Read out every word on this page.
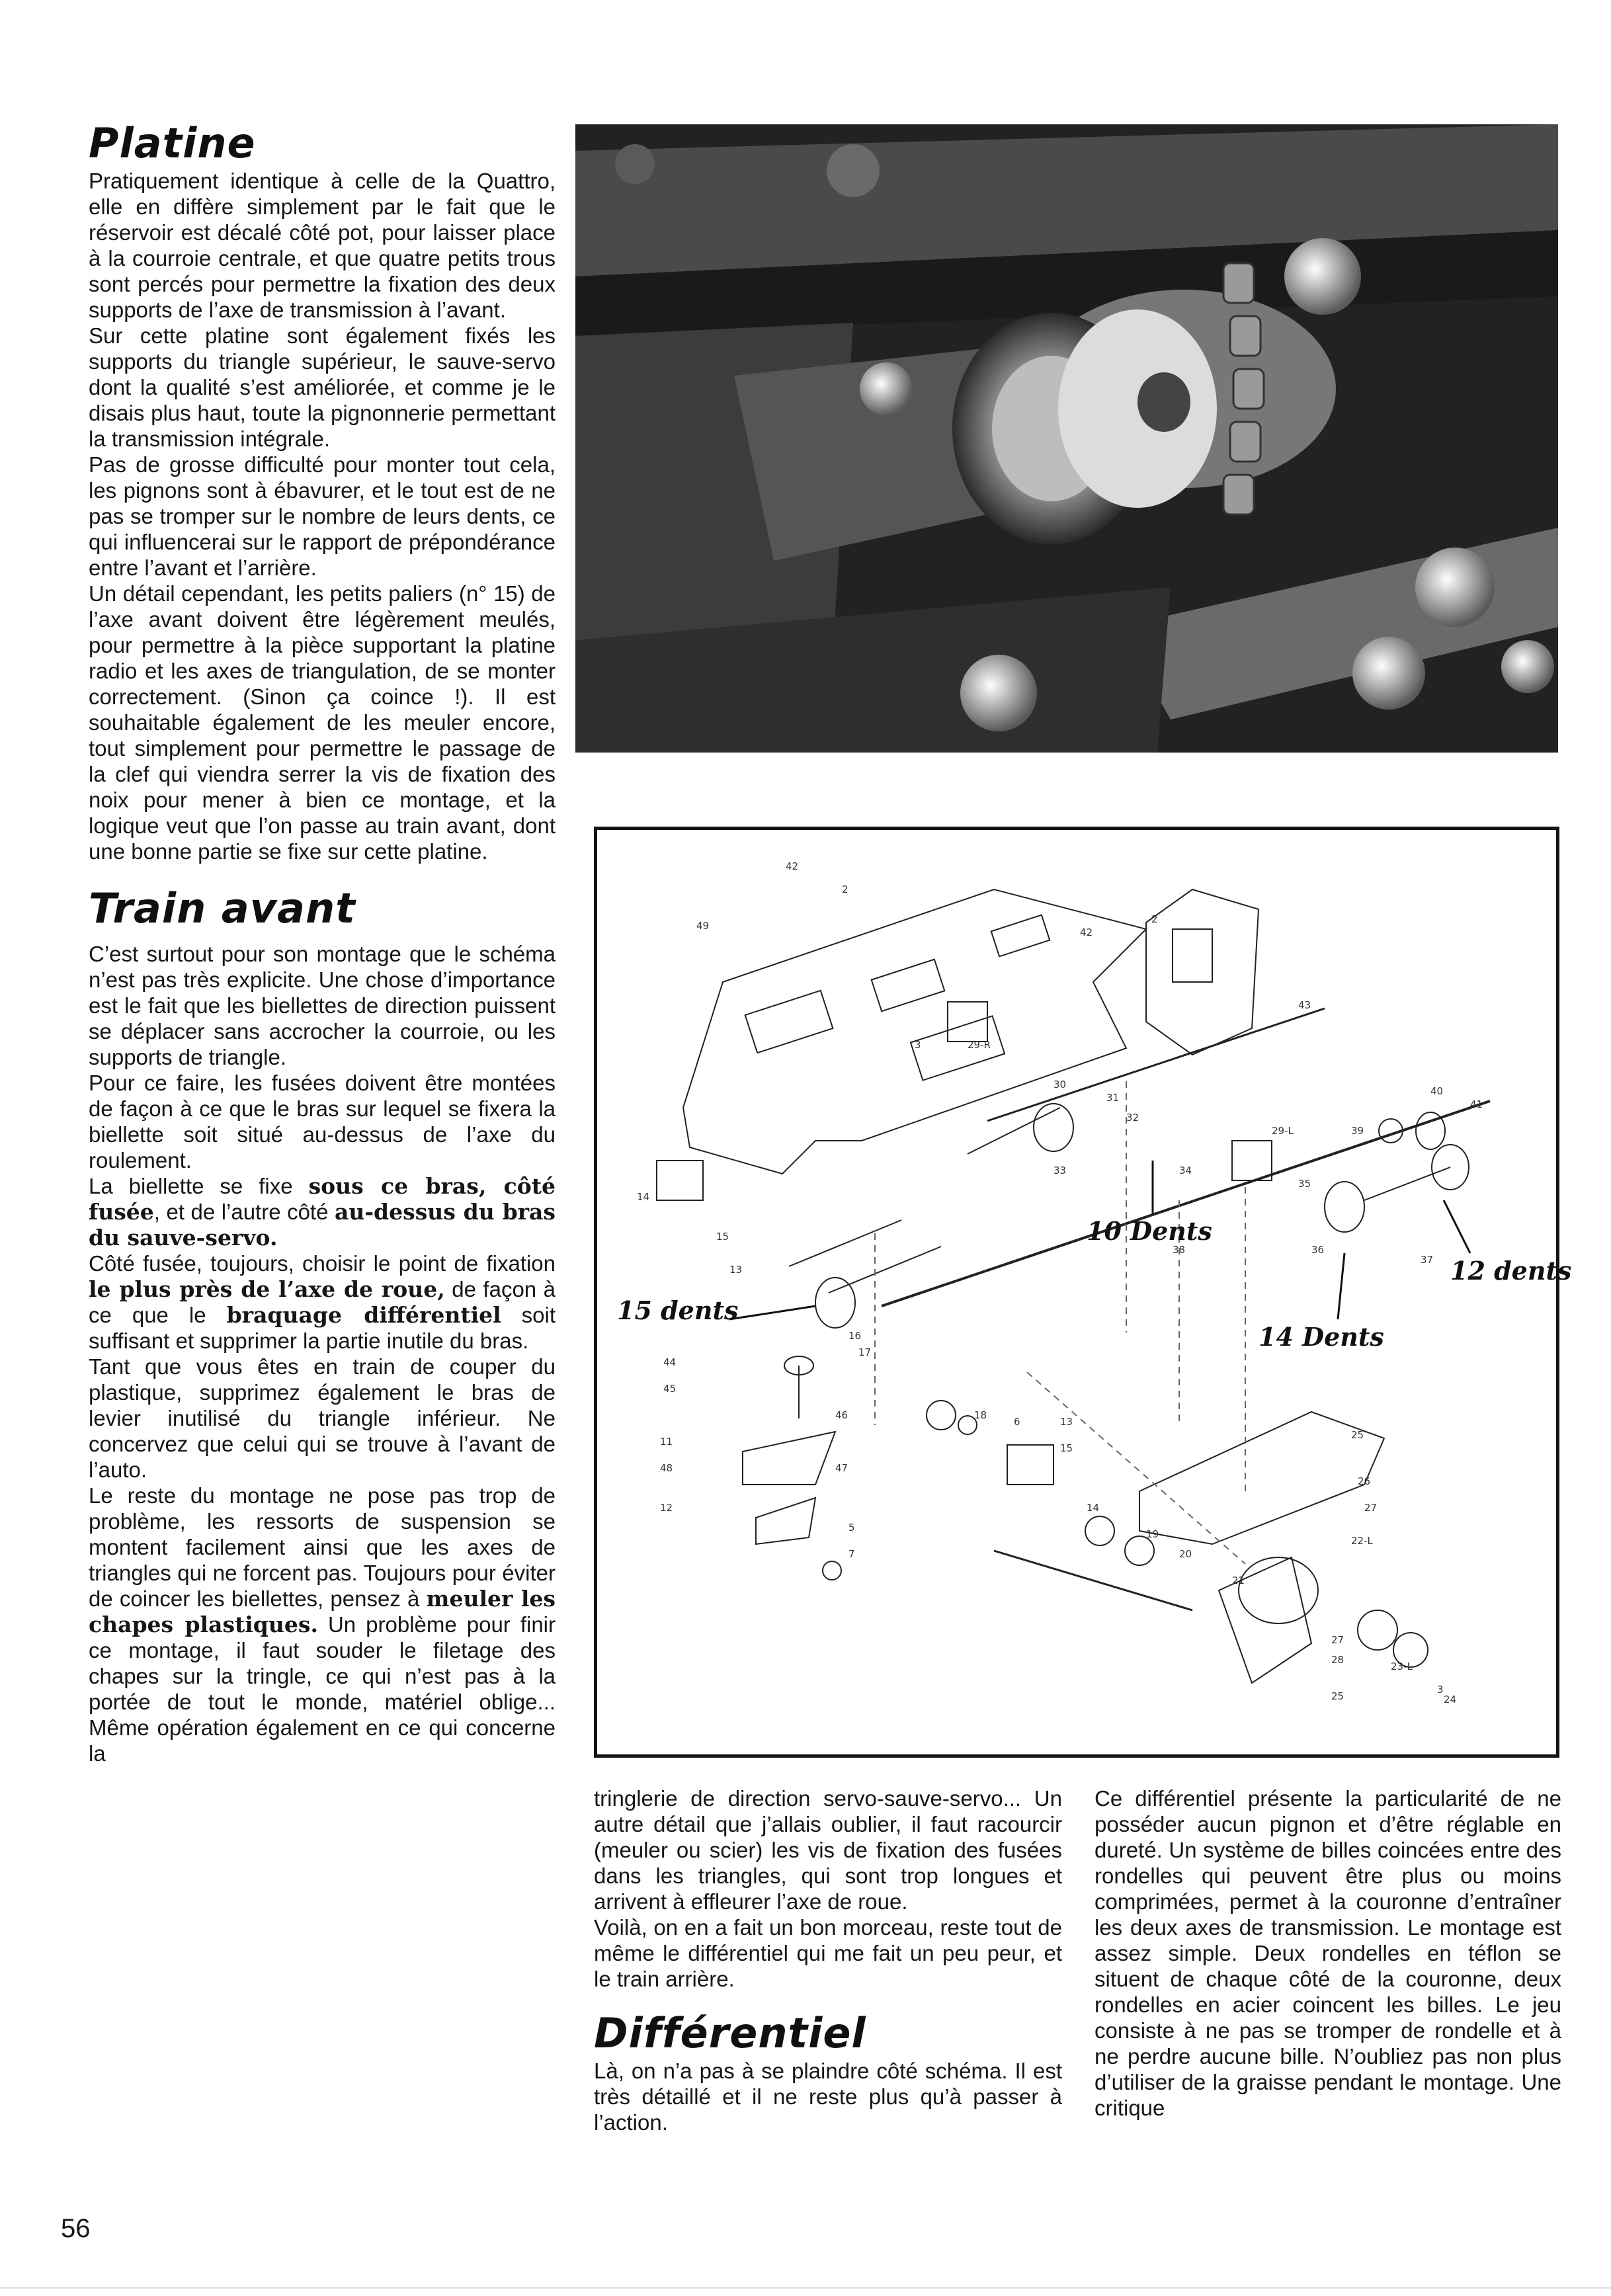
Platine

Pratiquement identique à celle de la Quattro, elle en diffère simplement par le fait que le réservoir est décalé côté pot, pour laisser place à la courroie centrale, et que quatre petits trous sont percés pour permettre la fixation des deux supports de l’axe de transmission à l’avant.

Sur cette platine sont également fixés les supports du triangle supérieur, le sauve-servo dont la qualité s’est améliorée, et comme je le disais plus haut, toute la pignonnerie permettant la transmission intégrale.

Pas de grosse difficulté pour monter tout cela, les pignons sont à ébavurer, et le tout est de ne pas se tromper sur le nombre de leurs dents, ce qui influencerai sur le rapport de prépondérance entre l’avant et l’arrière.

Un détail cependant, les petits paliers (n° 15) de l’axe avant doivent être légèrement meulés, pour permettre à la pièce supportant la platine radio et les axes de triangulation, de se monter correctement. (Sinon ça coince !). Il est souhaitable également de les meuler encore, tout simplement pour permettre le passage de la clef qui viendra serrer la vis de fixation des noix pour mener à bien ce montage, et la logique veut que l’on passe au train avant, dont une bonne partie se fixe sur cette platine.

Train avant

C’est surtout pour son montage que le schéma n’est pas très explicite. Une chose d’importance est le fait que les biellettes de direction puissent se déplacer sans accrocher la courroie, ou les supports de triangle.

Pour ce faire, les fusées doivent être montées de façon à ce que le bras sur lequel se fixera la biellette soit situé au-dessus de l’axe du roulement.

La biellette se fixe sous ce bras, côté fusée, et de l’autre côté au-dessus du bras du sauve-servo.

Côté fusée, toujours, choisir le point de fixation le plus près de l’axe de roue, de façon à ce que le braquage différentiel soit suffisant et supprimer la partie inutile du bras.

Tant que vous êtes en train de couper du plastique, supprimez également le bras de levier inutilisé du triangle inférieur. Ne concervez que celui qui se trouve à l’avant de l’auto.

Le reste du montage ne pose pas trop de problème, les ressorts de suspension se montent facilement ainsi que les axes de triangles qui ne forcent pas. Toujours pour éviter de coincer les biellettes, pensez à meuler les chapes plastiques. Un problème pour finir ce montage, il faut souder le filetage des chapes sur la tringle, ce qui n’est pas à la portée de tout le monde, matériel oblige... Même opération également en ce qui concerne la

42
49
2
42
2
43
3	29-R
30
31
32
33	34
29-L
35
36
37
38
39
40
41
14
15
13
16
17
44
45
18
6	13
15
46
11
48	47
12
5
7
14
19
20
21
25
26
27
22-L
27
28
23-L
25	24
3
10 Dents
12 dents
15 dents
14 Dents

tringlerie de direction servo-sauve-servo... Un autre détail que j’allais oublier, il faut racourcir (meuler ou scier) les vis de fixation des fusées dans les triangles, qui sont trop longues et arrivent à effleurer l’axe de roue.

Voilà, on en a fait un bon morceau, reste tout de même le différentiel qui me fait un peu peur, et le train arrière.

Différentiel

Là, on n’a pas à se plaindre côté schéma. Il est très détaillé et il ne reste plus qu’à passer à l’action.

Ce différentiel présente la particularité de ne posséder aucun pignon et d’être réglable en dureté. Un système de billes coincées entre des rondelles qui peuvent être plus ou moins comprimées, permet à la couronne d’entraîner les deux axes de transmission. Le montage est assez simple. Deux rondelles en téflon se situent de chaque côté de la couronne, deux rondelles en acier coincent les billes. Le jeu consiste à ne pas se tromper de rondelle et à ne perdre aucune bille. N’oubliez pas non plus d’utiliser de la graisse pendant le montage. Une critique

56
